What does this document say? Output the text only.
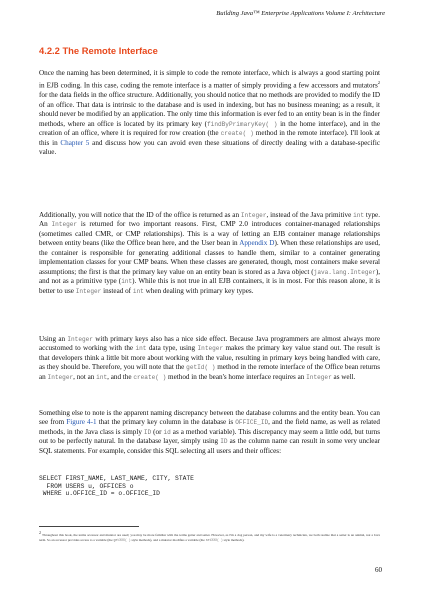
Building Java™ Enterprise Applications Volume I: Architecture
4.2.2 The Remote Interface

Once the naming has been determined, it is simple to code the remote interface, which is always a good starting point in EJB coding. In this case, coding the remote interface is a matter of simply providing a few accessors and mutators$^2$ for the data fields in the office structure. Additionally, you should notice that no methods are provided to modify the ID of an office. That data is intrinsic to the database and is used in indexing, but has no business meaning; as a result, it should never be modified by an application. The only time this information is ever fed to an entity bean is in the finder methods, where an office is located by its primary key (findByPrimaryKey( ) in the home interface), and in the creation of an office, where it is required for row creation (the create( ) method in the remote interface). I'll look at this in Chapter 5 and discuss how you can avoid even these situations of directly dealing with a database-specific value.

Additionally, you will notice that the ID of the office is returned as an Integer, instead of the Java primitive int type. An Integer is returned for two important reasons. First, CMP 2.0 introduces container-managed relationships (sometimes called CMR, or CMP relationships). This is a way of letting an EJB container manage relationships between entity beans (like the Office bean here, and the User bean in Appendix D). When these relationships are used, the container is responsible for generating additional classes to handle them, similar to a container generating implementation classes for your CMP beans. When these classes are generated, though, most containers make several assumptions; the first is that the primary key value on an entity bean is stored as a Java object (java.lang.Integer), and not as a primitive type (int). While this is not true in all EJB containers, it is in most. For this reason alone, it is better to use Integer instead of int when dealing with primary key types.

Using an Integer with primary keys also has a nice side effect. Because Java programmers are almost always more accustomed to working with the int data type, using Integer makes the primary key value stand out. The result is that developers think a little bit more about working with the value, resulting in primary keys being handled with care, as they should be. Therefore, you will note that the getId( ) method in the remote interface of the Office bean returns an Integer, not an int, and the create( ) method in the bean's home interface requires an Integer as well.

Something else to note is the apparent naming discrepancy between the database columns and the entity bean. You can see from Figure 4-1 that the primary key column in the database is OFFICE_ID, and the field name, as well as related methods, in the Java class is simply ID (or id as a method variable). This discrepancy may seem a little odd, but turns out to be perfectly natural. In the database layer, simply using ID as the column name can result in some very unclear SQL statements. For example, consider this SQL selecting all users and their offices:

SELECT FIRST_NAME, LAST_NAME, CITY, STATE
FROM USERS u, OFFICES o
WHERE u.OFFICE_ID = o.OFFICE_ID

$^2$ Throughout this book, the terms accessor and mutator are used; you may be more familiar with the terms getter and setter. However, as I'm a dog person, and my wife is a veterinary technician, we both realize that a setter is an animal, not a Java term. So an accessor provides access to a variable (the getXXX( ) style methods), and a mutator modifies a variable (the setXXX( ) style methods).

60
